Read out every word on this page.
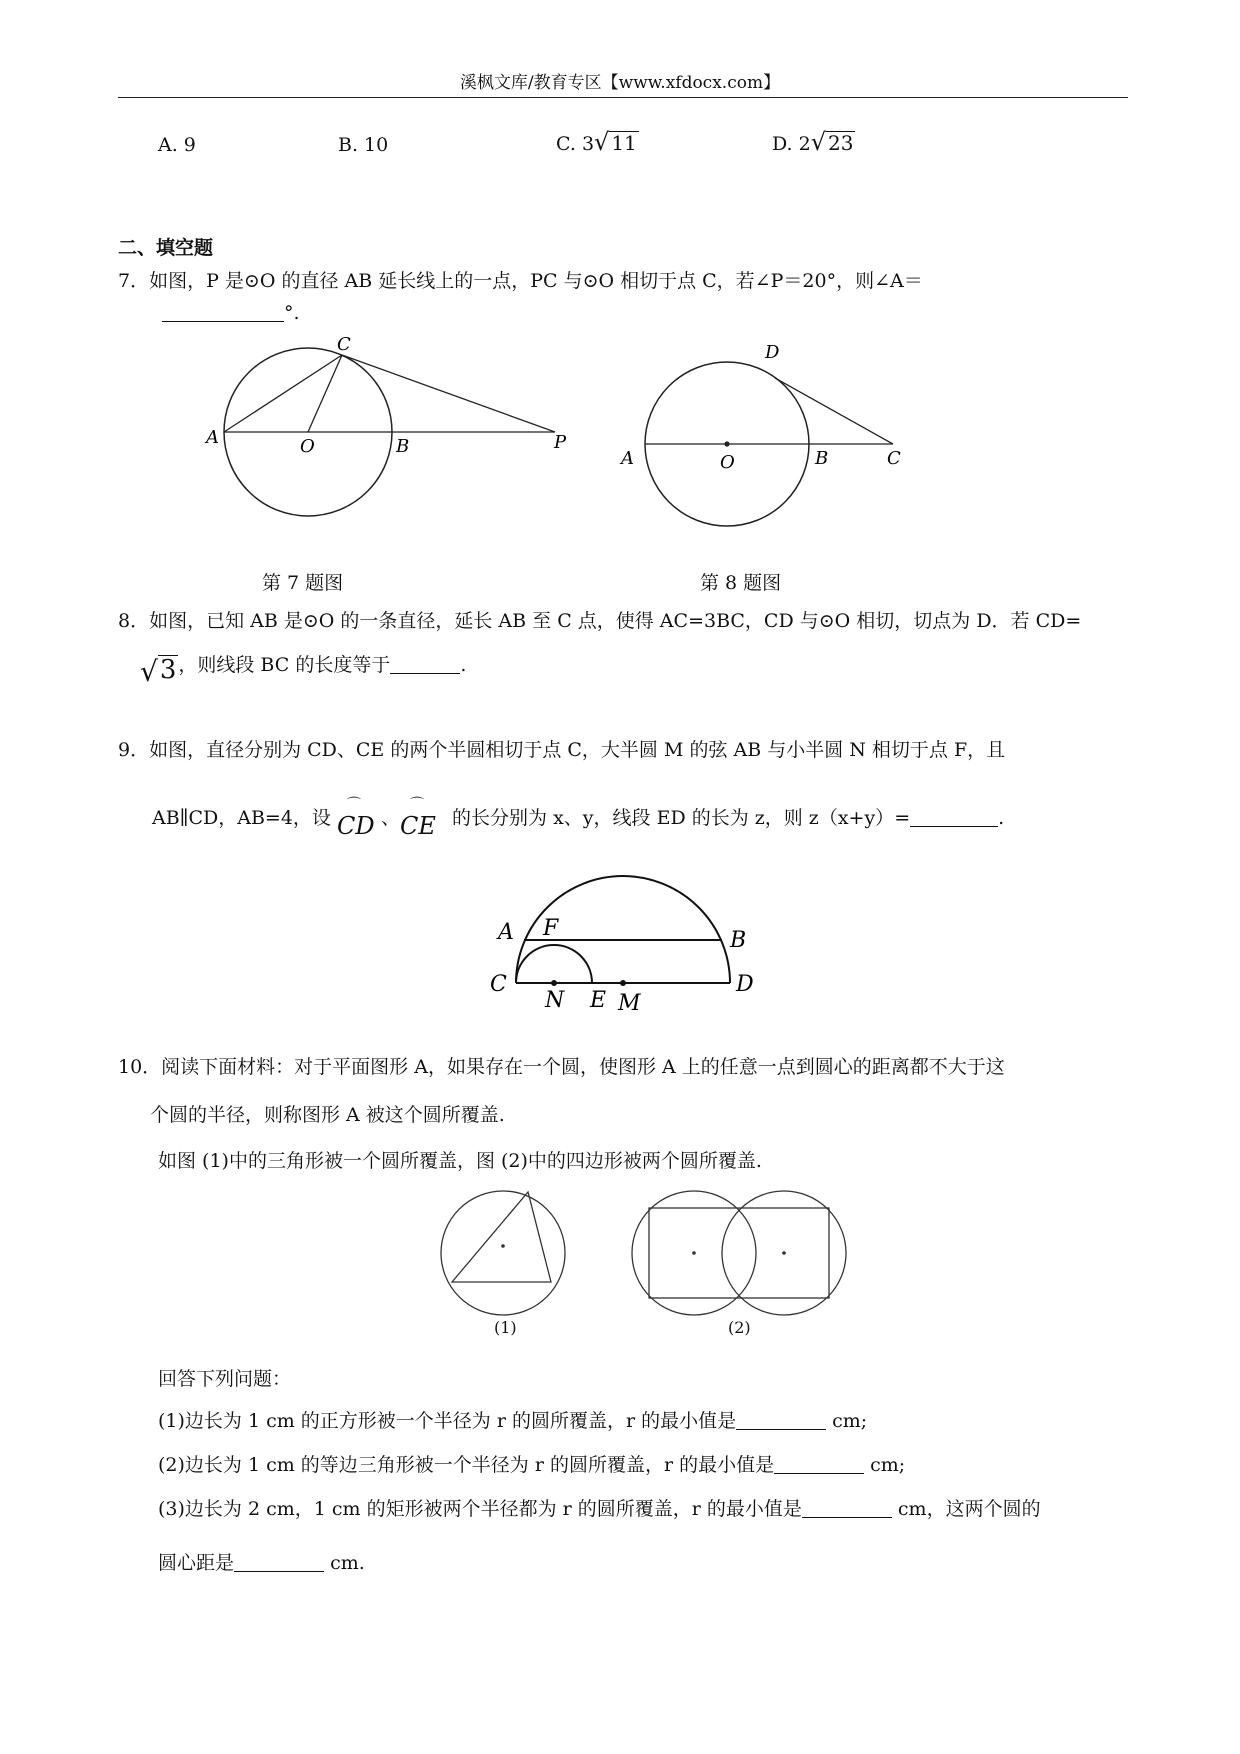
溪枫文库/教育专区【www.xfdocx.com】
A. 9	B. 10	C. 3 √ 11	D. 2 √ 23
二、填空题
7．如图，P 是⊙O 的直径 AB 延长线上的一点，PC 与⊙O 相切于点 C，若∠P＝20°，则∠A＝
°.
C
A	O	B	P
D
A	O	B	C
第 7 题图	第 8 题图
8．如图，已知 AB 是⊙O 的一条直径，延长 AB 至 C 点，使得 AC=3BC，CD 与⊙O 相切，切点为 D．若 CD=
√ 3 ，则线段 BC 的长度等于	.
9．如图，直径分别为 CD、CE 的两个半圆相切于点 C，大半圆 M 的弦 AB 与小半圆 N 相切于点 F，且
AB∥CD，AB=4，设
⌒
CD 、
⌒
CE 的长分别为 x、y，线段 ED 的长为 z，则 z（x+y）=	.
A F	B
C	D
N E M
10．阅读下面材料：对于平面图形 A，如果存在一个圆，使图形 A 上的任意一点到圆心的距离都不大于这
个圆的半径，则称图形 A 被这个圆所覆盖.
如图 (1)中的三角形被一个圆所覆盖，图 (2)中的四边形被两个圆所覆盖.
(1)	(2)
回答下列问题：
(1)边长为 1 cm 的正方形被一个半径为 r 的圆所覆盖，r 的最小值是	cm;
(2)边长为 1 cm 的等边三角形被一个半径为 r 的圆所覆盖，r 的最小值是	cm;
(3)边长为 2 cm，1 cm 的矩形被两个半径都为 r 的圆所覆盖，r 的最小值是	cm，这两个圆的
圆心距是	cm.
